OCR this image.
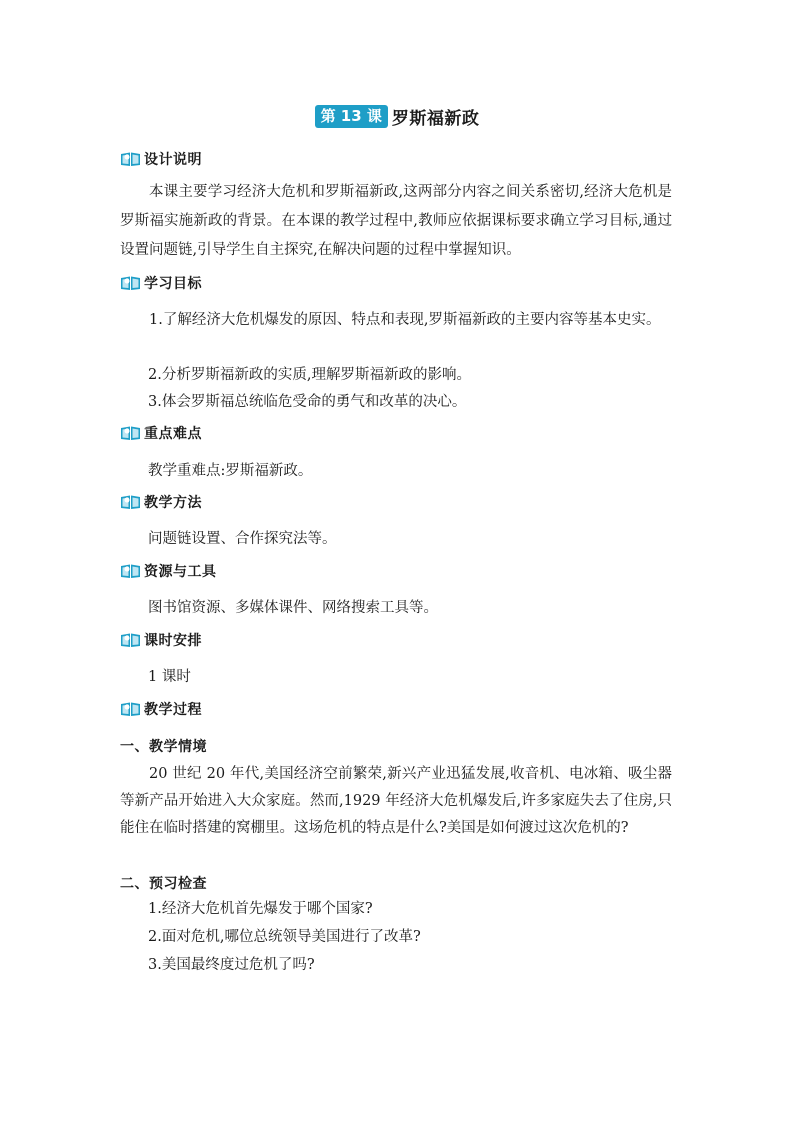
第 13 课 罗斯福新政
设计说明

本课主要学习经济大危机和罗斯福新政,这两部分内容之间关系密切,经济大危机是罗斯福实施新政的背景。在本课的教学过程中,教师应依据课标要求确立学习目标,通过设置问题链,引导学生自主探究,在解决问题的过程中掌握知识。

学习目标

1.了解经济大危机爆发的原因、特点和表现,罗斯福新政的主要内容等基本史实。

2.分析罗斯福新政的实质,理解罗斯福新政的影响。

3.体会罗斯福总统临危受命的勇气和改革的决心。

重点难点

教学重难点:罗斯福新政。

教学方法

问题链设置、合作探究法等。

资源与工具

图书馆资源、多媒体课件、网络搜索工具等。

课时安排

1 课时

教学过程
一、教学情境

20 世纪 20 年代,美国经济空前繁荣,新兴产业迅猛发展,收音机、电冰箱、吸尘器等新产品开始进入大众家庭。然而,1929 年经济大危机爆发后,许多家庭失去了住房,只能住在临时搭建的窝棚里。这场危机的特点是什么?美国是如何渡过这次危机的?

二、预习检查

1.经济大危机首先爆发于哪个国家?

2.面对危机,哪位总统领导美国进行了改革?

3.美国最终度过危机了吗?
